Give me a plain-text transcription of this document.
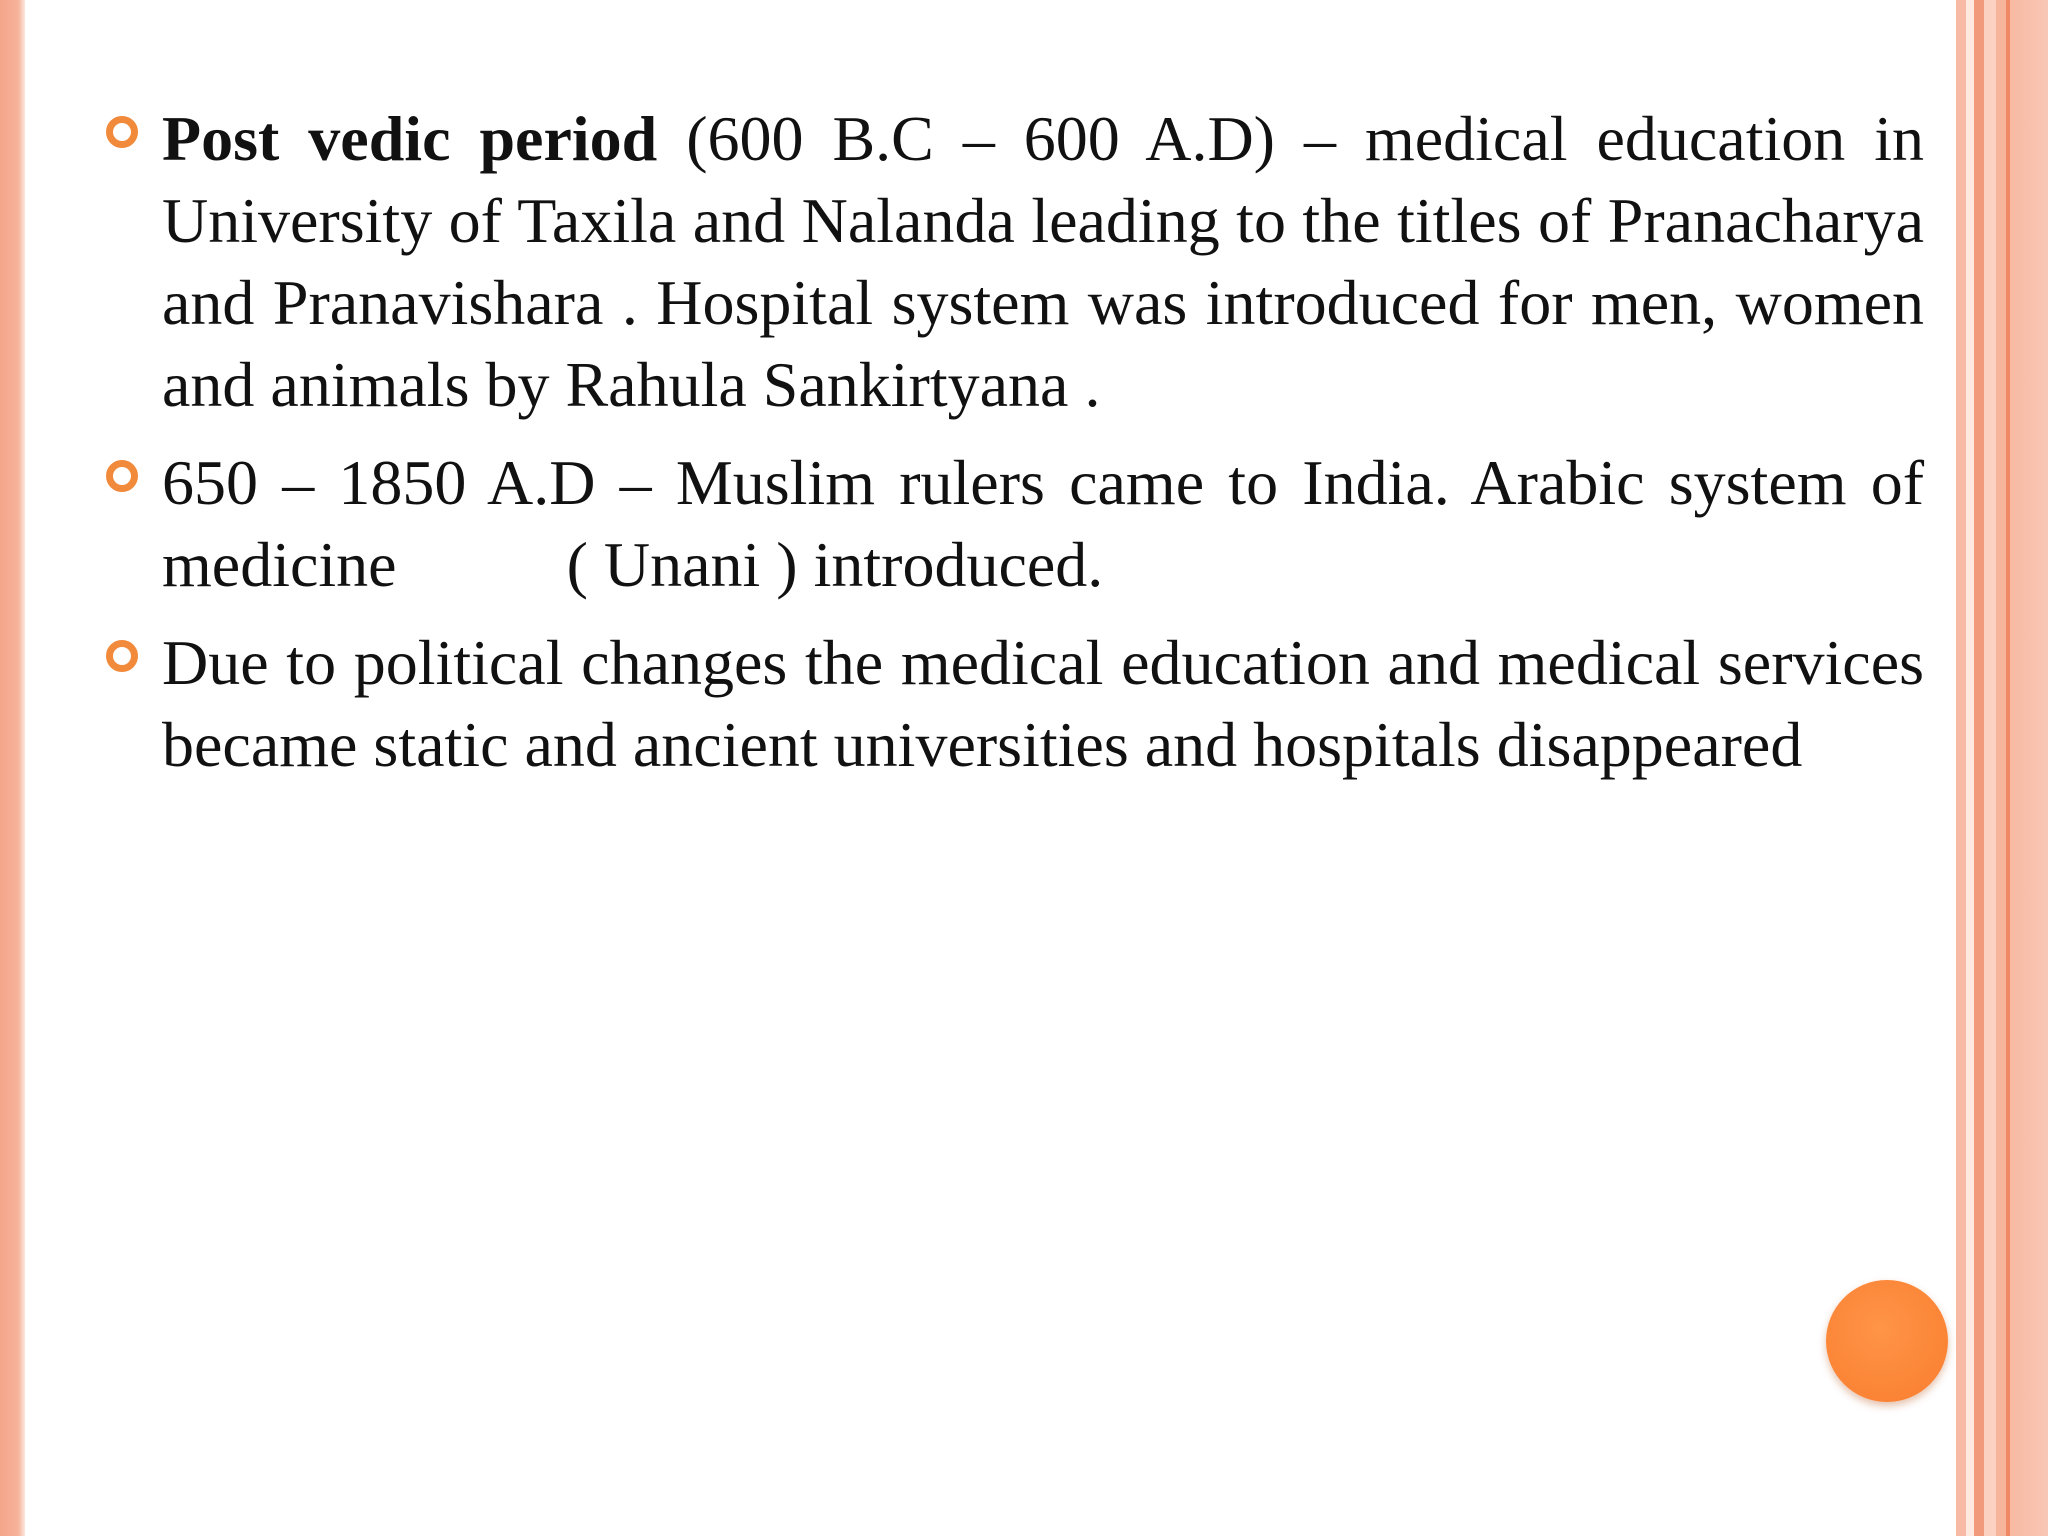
Post vedic period (600 B.C – 600 A.D) – medical education in University of Taxila and Nalanda leading to the titles of Pranacharya and Pranavishara . Hospital system was introduced for men, women and animals by Rahula Sankirtyana .
650 – 1850 A.D – Muslim rulers came to India. Arabic system of medicine	( Unani ) introduced.
Due to political changes the medical education and medical services became static and ancient universities and hospitals disappeared
